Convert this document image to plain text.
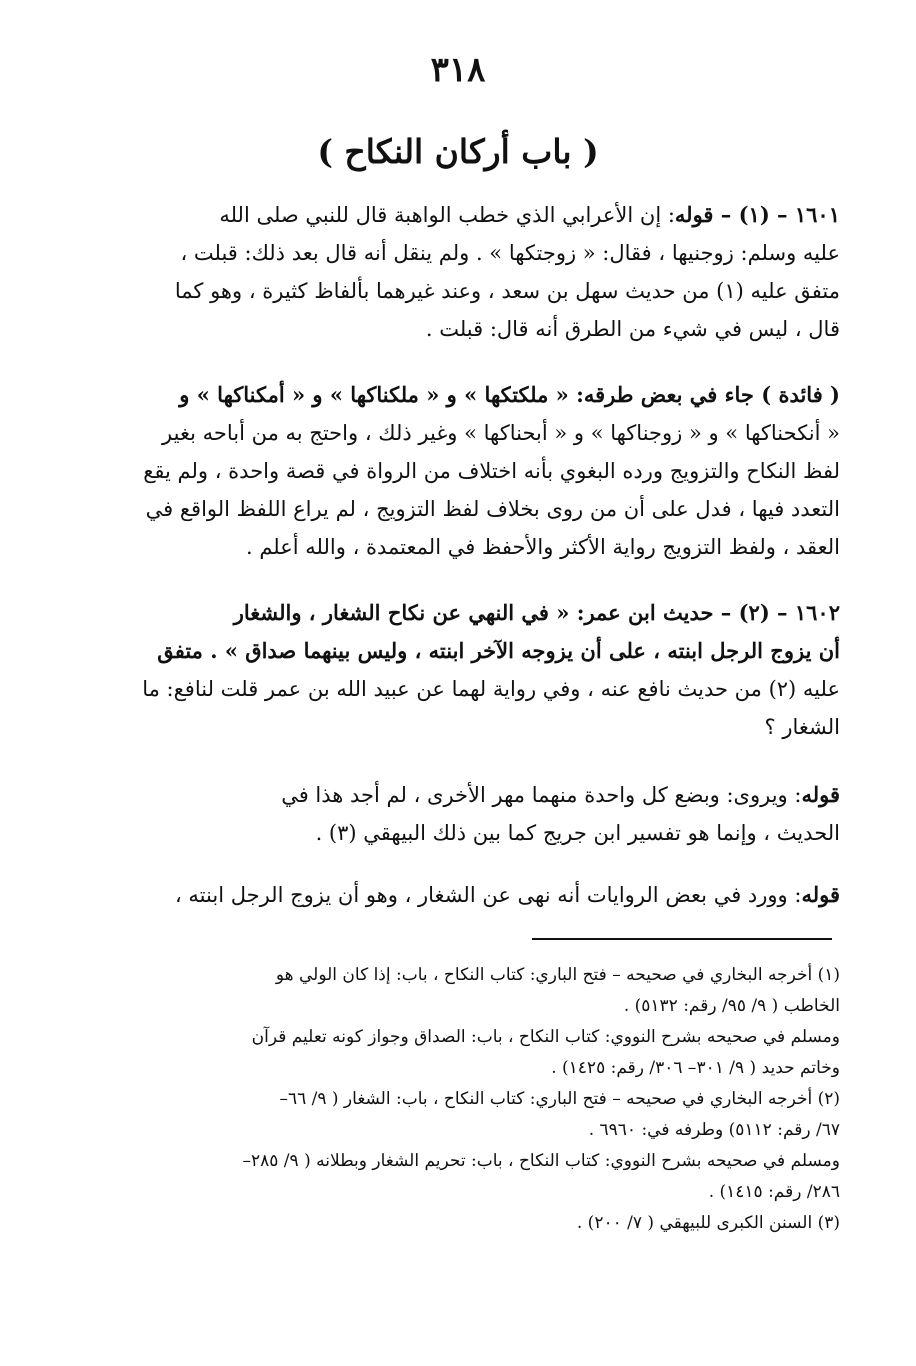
٣١٨
( باب أركان النكاح )
١٦٠١ – (١) – قوله: إن الأعرابي الذي خطب الواهبة قال للنبي صلى الله
عليه وسلم: زوجنيها ، فقال: « زوجتكها » . ولم ينقل أنه قال بعد ذلك: قبلت ،
متفق عليه (١) من حديث سهل بن سعد ، وعند غيرهما بألفاظ كثيرة ، وهو كما
قال ، ليس في شيء من الطرق أنه قال: قبلت .
( فائدة ) جاء في بعض طرقه: « ملكتكها » و « ملكناكها » و « أمكناكها » و
« أنكحناكها » و « زوجناكها » و « أبحناكها » وغير ذلك ، واحتج به من أباحه بغير
لفظ النكاح والتزويج ورده البغوي بأنه اختلاف من الرواة في قصة واحدة ، ولم يقع
التعدد فيها ، فدل على أن من روى بخلاف لفظ التزويج ، لم يراع اللفظ الواقع في
العقد ، ولفظ التزويج رواية الأكثر والأحفظ في المعتمدة ، والله أعلم .
١٦٠٢ – (٢) – حديث ابن عمر: « في النهي عن نكاح الشغار ، والشغار
أن يزوج الرجل ابنته ، على أن يزوجه الآخر ابنته ، وليس بينهما صداق » . متفق
عليه (٢) من حديث نافع عنه ، وفي رواية لهما عن عبيد الله بن عمر قلت لنافع: ما
الشغار ؟
قوله: ويروى: وبضع كل واحدة منهما مهر الأخرى ، لم أجد هذا في
الحديث ، وإنما هو تفسير ابن جريج كما بين ذلك البيهقي (٣) .
قوله: وورد في بعض الروايات أنه نهى عن الشغار ، وهو أن يزوج الرجل ابنته ،
(١) أخرجه البخاري في صحيحه – فتح الباري: كتاب النكاح ، باب: إذا كان الولي هو
الخاطب ( ٩/ ٩٥/ رقم: ٥١٣٢) .
ومسلم في صحيحه بشرح النووي: كتاب النكاح ، باب: الصداق وجواز كونه تعليم قرآن
وخاتم حديد ( ٩/ ٣٠١– ٣٠٦/ رقم: ١٤٢٥) .
(٢) أخرجه البخاري في صحيحه – فتح الباري: كتاب النكاح ، باب: الشغار ( ٩/ ٦٦–
٦٧/ رقم: ٥١١٢) وطرفه في: ٦٩٦٠ .
ومسلم في صحيحه بشرح النووي: كتاب النكاح ، باب: تحريم الشغار وبطلانه ( ٩/ ٢٨٥–
٢٨٦/ رقم: ١٤١٥) .
(٣) السنن الكبرى للبيهقي ( ٧/ ٢٠٠) .
